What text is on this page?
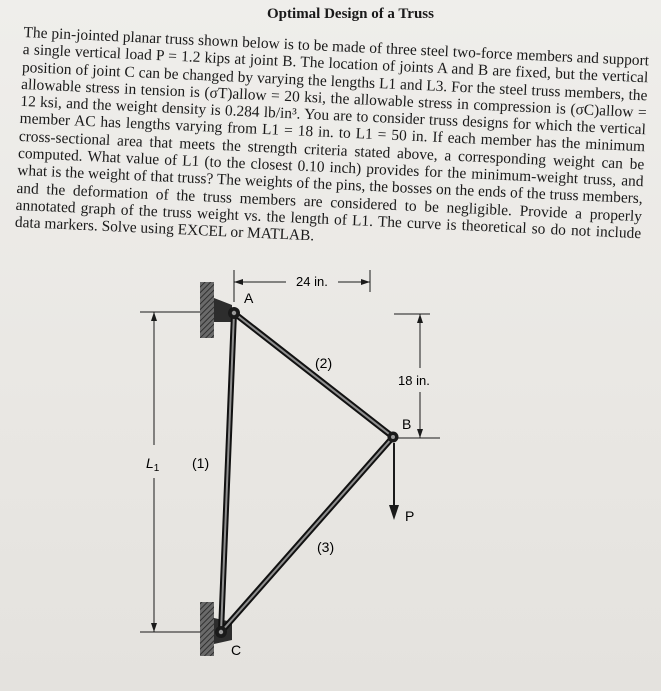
Optimal Design of a Truss

The pin-jointed planar truss shown below is to be made of three steel two-force members and support a single vertical load P = 1.2 kips at joint B. The location of joints A and B are fixed, but the vertical position of joint C can be changed by varying the lengths L1 and L3. For the steel truss members, the allowable stress in tension is (σT)allow = 20 ksi, the allowable stress in compression is (σC)allow = 12 ksi, and the weight density is 0.284 lb/in³. You are to consider truss designs for which the vertical member AC has lengths varying from L1 = 18 in. to L1 = 50 in. If each member has the minimum cross-sectional area that meets the strength criteria stated above, a corresponding weight can be computed. What value of L1 (to the closest 0.10 inch) provides for the minimum-weight truss, and what is the weight of that truss? The weights of the pins, the bosses on the ends of the truss members, and the deformation of the truss members are considered to be negligible. Provide a properly annotated graph of the truss weight vs. the length of L1. The curve is theoretical so do not include data markers. Solve using EXCEL or MATLAB.

24 in.
18 in.
$L_1$
A
B
C
P
(1)
(2)
(3)
